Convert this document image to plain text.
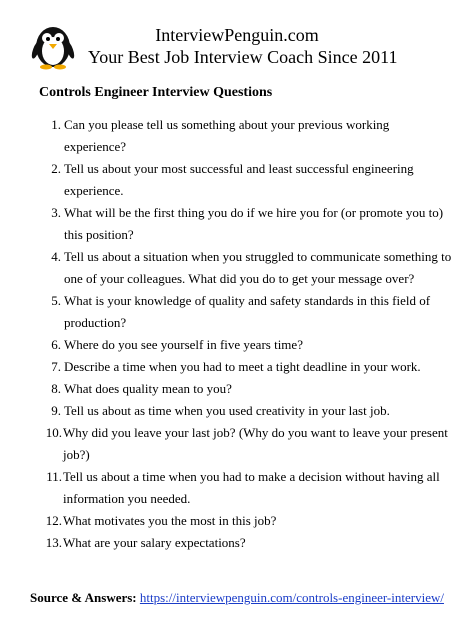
InterviewPenguin.com
Your Best Job Interview Coach Since 2011
Controls Engineer Interview Questions
1. Can you please tell us something about your previous working experience?
2. Tell us about your most successful and least successful engineering experience.
3. What will be the first thing you do if we hire you for (or promote you to) this position?
4. Tell us about a situation when you struggled to communicate something to one of your colleagues. What did you do to get your message over?
5. What is your knowledge of quality and safety standards in this field of production?
6. Where do you see yourself in five years time?
7. Describe a time when you had to meet a tight deadline in your work.
8. What does quality mean to you?
9. Tell us about as time when you used creativity in your last job.
10. Why did you leave your last job? (Why do you want to leave your present job?)
11. Tell us about a time when you had to make a decision without having all information you needed.
12. What motivates you the most in this job?
13. What are your salary expectations?
Source & Answers: https://interviewpenguin.com/controls-engineer-interview/
